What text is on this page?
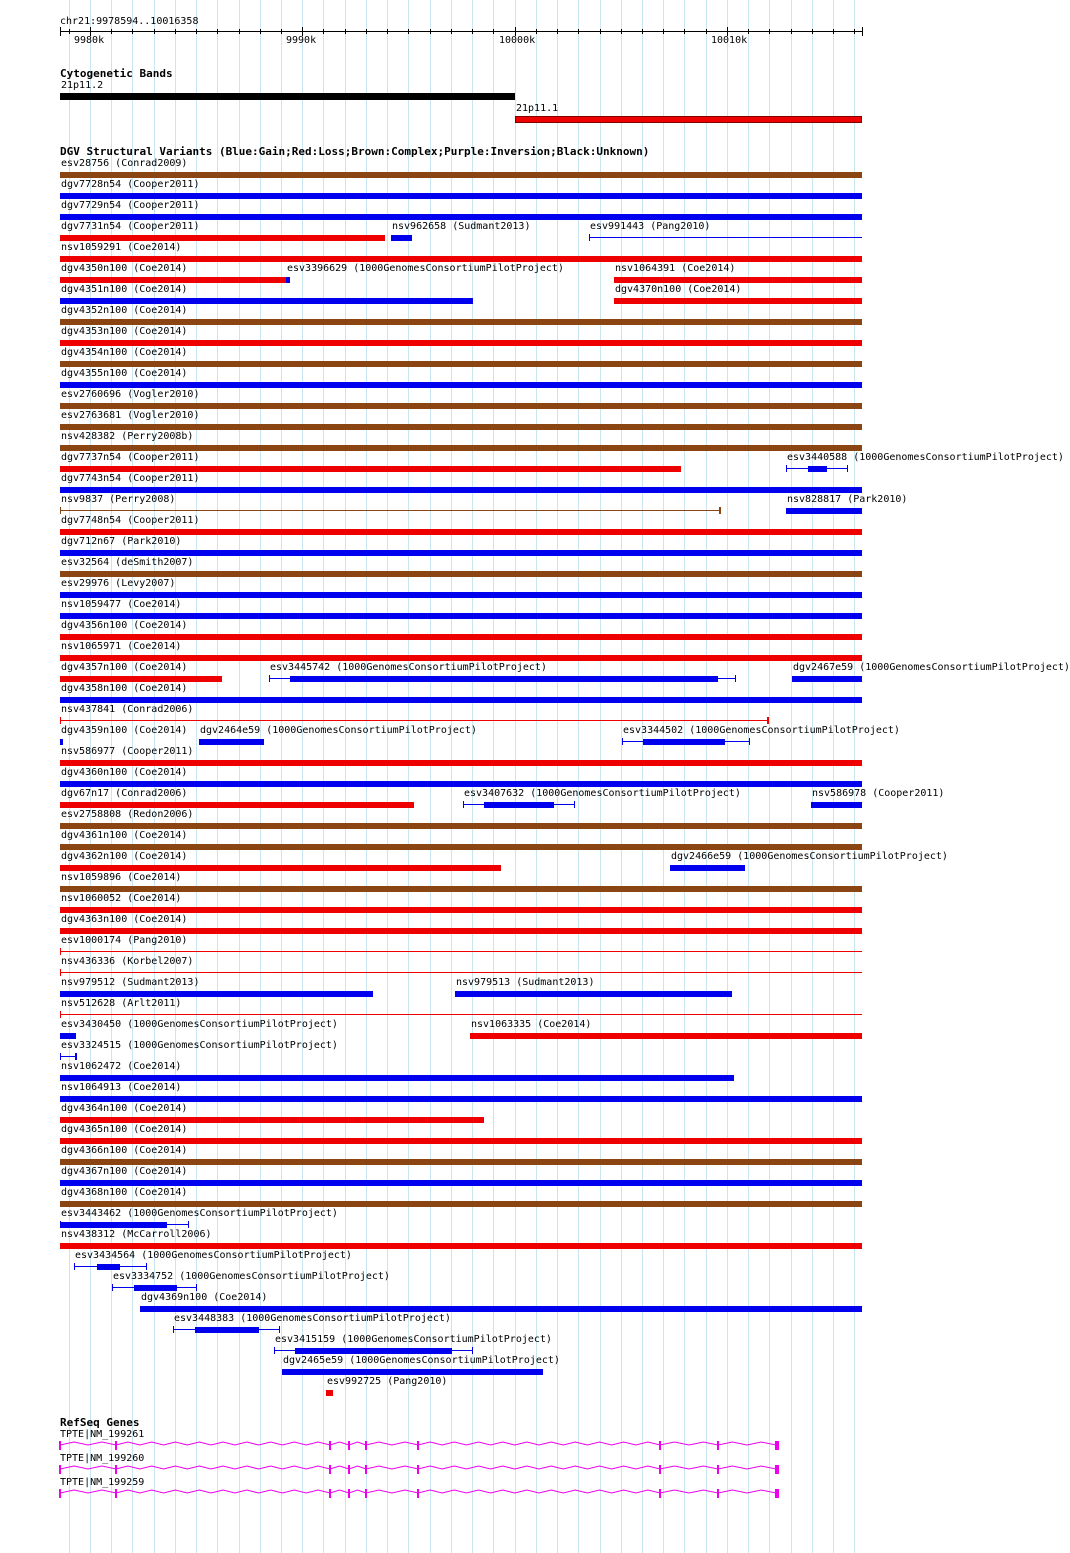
chr21:9978594..10016358

9980k	9990k	10000k	10010k

Cytogenetic Bands

21p11.2

21p11.1

DGV Structural Variants (Blue:Gain;Red:Loss;Brown:Complex;Purple:Inversion;Black:Unknown)

esv28756 (Conrad2009)

dgv7728n54 (Cooper2011)

dgv7729n54 (Cooper2011)

dgv7731n54 (Cooper2011)	nsv962658 (Sudmant2013)	esv991443 (Pang2010)

nsv1059291 (Coe2014)

dgv4350n100 (Coe2014)	esv3396629 (1000GenomesConsortiumPilotProject)	nsv1064391 (Coe2014)

dgv4351n100 (Coe2014)	dgv4370n100 (Coe2014)

dgv4352n100 (Coe2014)

dgv4353n100 (Coe2014)

dgv4354n100 (Coe2014)

dgv4355n100 (Coe2014)

esv2760696 (Vogler2010)

esv2763681 (Vogler2010)

nsv428382 (Perry2008b)

dgv7737n54 (Cooper2011)	esv3440588 (1000GenomesConsortiumPilotProject)

dgv7743n54 (Cooper2011)

nsv9837 (Perry2008)	nsv828817 (Park2010)

dgv7748n54 (Cooper2011)

dgv712n67 (Park2010)

esv32564 (deSmith2007)

esv29976 (Levy2007)

nsv1059477 (Coe2014)

dgv4356n100 (Coe2014)

nsv1065971 (Coe2014)

dgv4357n100 (Coe2014)	esv3445742 (1000GenomesConsortiumPilotProject)	dgv2467e59 (1000GenomesConsortiumPilotProject)

dgv4358n100 (Coe2014)

nsv437841 (Conrad2006)

dgv4359n100 (Coe2014) dgv2464e59 (1000GenomesConsortiumPilotProject)	esv3344502 (1000GenomesConsortiumPilotProject)

nsv586977 (Cooper2011)

dgv4360n100 (Coe2014)

dgv67n17 (Conrad2006)	esv3407632 (1000GenomesConsortiumPilotProject)	nsv586978 (Cooper2011)

esv2758808 (Redon2006)

dgv4361n100 (Coe2014)

dgv4362n100 (Coe2014)	dgv2466e59 (1000GenomesConsortiumPilotProject)

nsv1059896 (Coe2014)

nsv1060052 (Coe2014)

dgv4363n100 (Coe2014)

esv1000174 (Pang2010)

nsv436336 (Korbel2007)

nsv979512 (Sudmant2013)	nsv979513 (Sudmant2013)

nsv512628 (Arlt2011)

esv3430450 (1000GenomesConsortiumPilotProject)	nsv1063335 (Coe2014)

esv3324515 (1000GenomesConsortiumPilotProject)

nsv1062472 (Coe2014)

nsv1064913 (Coe2014)

dgv4364n100 (Coe2014)

dgv4365n100 (Coe2014)

dgv4366n100 (Coe2014)

dgv4367n100 (Coe2014)

dgv4368n100 (Coe2014)

esv3443462 (1000GenomesConsortiumPilotProject)

nsv438312 (McCarroll2006)

esv3434564 (1000GenomesConsortiumPilotProject)

esv3334752 (1000GenomesConsortiumPilotProject)

dgv4369n100 (Coe2014)

esv3448383 (1000GenomesConsortiumPilotProject)

esv3415159 (1000GenomesConsortiumPilotProject)

dgv2465e59 (1000GenomesConsortiumPilotProject)

esv992725 (Pang2010)

RefSeq Genes

TPTE|NM_199261

TPTE|NM_199260

TPTE|NM_199259
